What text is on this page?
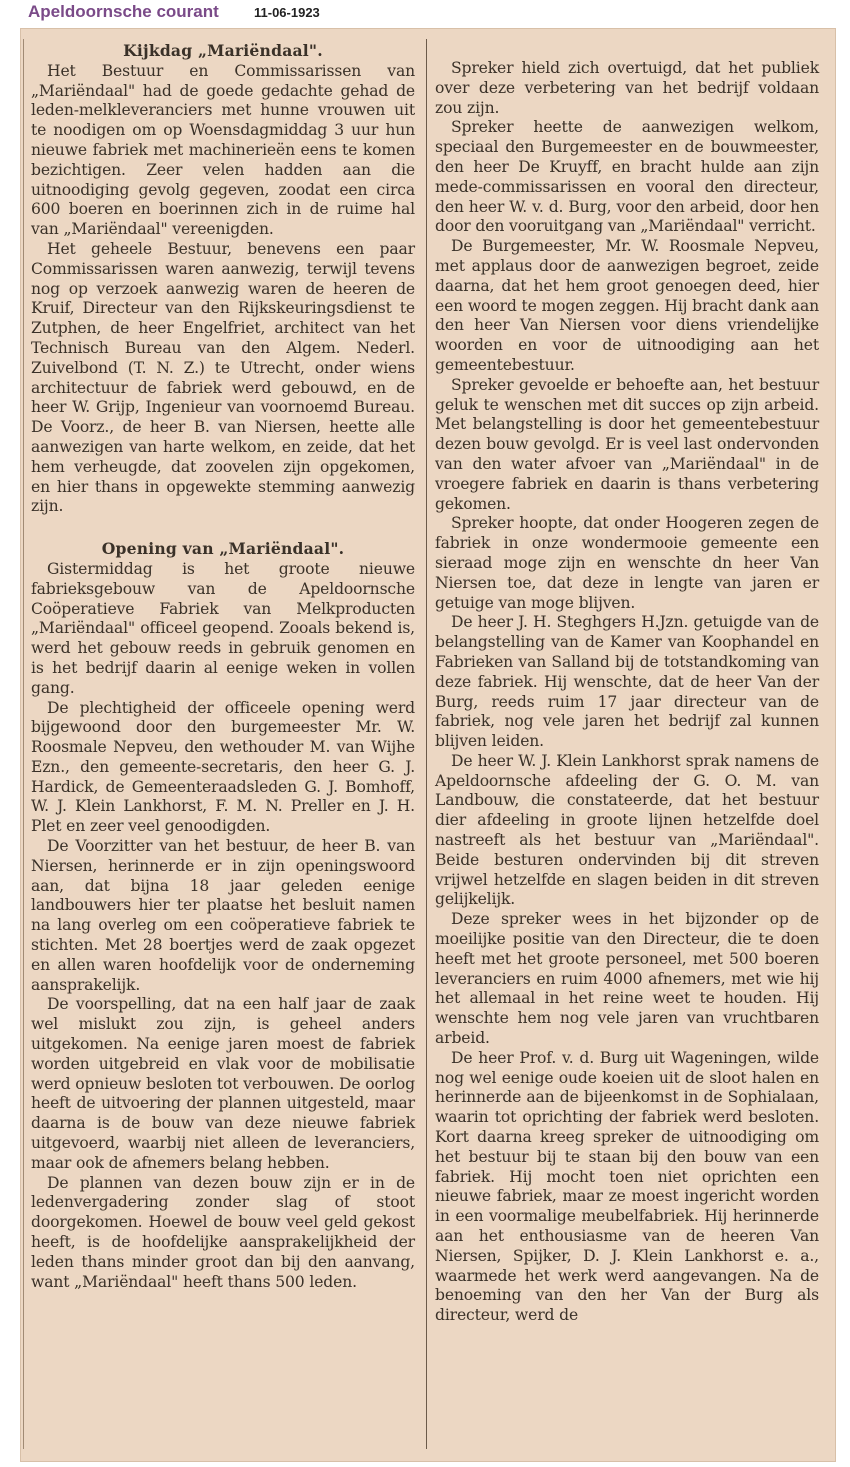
Apeldoornsche courant	11-06-1923

Kijkdag „Mariëndaal".

Het Bestuur en Commissarissen van „Mariëndaal" had de goede gedachte gehad de leden-melkleveranciers met hunne vrouwen uit te noodigen om op Woensdagmiddag 3 uur hun nieuwe fabriek met machinerieën eens te komen bezichtigen. Zeer velen hadden aan die uitnoodiging gevolg gegeven, zoodat een circa 600 boeren en boerinnen zich in de ruime hal van „Mariëndaal" vereenigden.

Het geheele Bestuur, benevens een paar Commissarissen waren aanwezig, terwijl tevens nog op verzoek aanwezig waren de heeren de Kruif, Directeur van den Rijkskeuringsdienst te Zutphen, de heer Engelfriet, architect van het Technisch Bureau van den Algem. Nederl. Zuivelbond (T. N. Z.) te Utrecht, onder wiens architectuur de fabriek werd gebouwd, en de heer W. Grijp, Ingenieur van voornoemd Bureau. De Voorz., de heer B. van Niersen, heette alle aanwezigen van harte welkom, en zeide, dat het hem verheugde, dat zoovelen zijn opgekomen, en hier thans in opgewekte stemming aanwezig zijn.

Opening van „Mariëndaal".

Gistermiddag is het groote nieuwe fabrieksgebouw van de Apeldoornsche Coöperatieve Fabriek van Melkproducten „Mariëndaal" officeel geopend. Zooals bekend is, werd het gebouw reeds in gebruik genomen en is het bedrijf daarin al eenige weken in vollen gang.

De plechtigheid der officeele opening werd bijgewoond door den burgemeester Mr. W. Roosmale Nepveu, den wethouder M. van Wijhe Ezn., den gemeente-secretaris, den heer G. J. Hardick, de Gemeenteraadsleden G. J. Bomhoff, W. J. Klein Lankhorst, F. M. N. Preller en J. H. Plet en zeer veel genoodigden.

De Voorzitter van het bestuur, de heer B. van Niersen, herinnerde er in zijn openingswoord aan, dat bijna 18 jaar geleden eenige landbouwers hier ter plaatse het besluit namen na lang overleg om een coöperatieve fabriek te stichten. Met 28 boertjes werd de zaak opgezet en allen waren hoofdelijk voor de onderneming aansprakelijk.

De voorspelling, dat na een half jaar de zaak wel mislukt zou zijn, is geheel anders uitgekomen. Na eenige jaren moest de fabriek worden uitgebreid en vlak voor de mobilisatie werd opnieuw besloten tot verbouwen. De oorlog heeft de uitvoering der plannen uitgesteld, maar daarna is de bouw van deze nieuwe fabriek uitgevoerd, waarbij niet alleen de leveranciers, maar ook de afnemers belang hebben.

De plannen van dezen bouw zijn er in de ledenvergadering zonder slag of stoot doorgekomen. Hoewel de bouw veel geld gekost heeft, is de hoofdelijke aansprakelijkheid der leden thans minder groot dan bij den aanvang, want „Mariëndaal" heeft thans 500 leden.

Spreker hield zich overtuigd, dat het publiek over deze verbetering van het bedrijf voldaan zou zijn.

Spreker heette de aanwezigen welkom, speciaal den Burgemeester en de bouwmeester, den heer De Kruyff, en bracht hulde aan zijn mede-commissarissen en vooral den directeur, den heer W. v. d. Burg, voor den arbeid, door hen door den vooruitgang van „Mariëndaal" verricht.

De Burgemeester, Mr. W. Roosmale Nepveu, met applaus door de aanwezigen begroet, zeide daarna, dat het hem groot genoegen deed, hier een woord te mogen zeggen. Hij bracht dank aan den heer Van Niersen voor diens vriendelijke woorden en voor de uitnoodiging aan het gemeentebestuur.

Spreker gevoelde er behoefte aan, het bestuur geluk te wenschen met dit succes op zijn arbeid. Met belangstelling is door het gemeentebestuur dezen bouw gevolgd. Er is veel last ondervonden van den water afvoer van „Mariëndaal" in de vroegere fabriek en daarin is thans verbetering gekomen.

Spreker hoopte, dat onder Hoogeren zegen de fabriek in onze wondermooie gemeente een sieraad moge zijn en wenschte dn heer Van Niersen toe, dat deze in lengte van jaren er getuige van moge blijven.

De heer J. H. Steghgers H.Jzn. getuigde van de belangstelling van de Kamer van Koophandel en Fabrieken van Salland bij de totstandkoming van deze fabriek. Hij wenschte, dat de heer Van der Burg, reeds ruim 17 jaar directeur van de fabriek, nog vele jaren het bedrijf zal kunnen blijven leiden.

De heer W. J. Klein Lankhorst sprak namens de Apeldoornsche afdeeling der G. O. M. van Landbouw, die constateerde, dat het bestuur dier afdeeling in groote lijnen hetzelfde doel nastreeft als het bestuur van „Mariëndaal". Beide besturen ondervinden bij dit streven vrijwel hetzelfde en slagen beiden in dit streven gelijkelijk.

Deze spreker wees in het bijzonder op de moeilijke positie van den Directeur, die te doen heeft met het groote personeel, met 500 boeren leveranciers en ruim 4000 afnemers, met wie hij het allemaal in het reine weet te houden. Hij wenschte hem nog vele jaren van vruchtbaren arbeid.

De heer Prof. v. d. Burg uit Wageningen, wilde nog wel eenige oude koeien uit de sloot halen en herinnerde aan de bijeenkomst in de Sophialaan, waarin tot oprichting der fabriek werd besloten. Kort daarna kreeg spreker de uitnoodiging om het bestuur bij te staan bij den bouw van een fabriek. Hij mocht toen niet oprichten een nieuwe fabriek, maar ze moest ingericht worden in een voormalige meubelfabriek. Hij herinnerde aan het enthousiasme van de heeren Van Niersen, Spijker, D. J. Klein Lankhorst e. a., waarmede het werk werd aangevangen. Na de benoeming van den her Van der Burg als directeur, werd de
